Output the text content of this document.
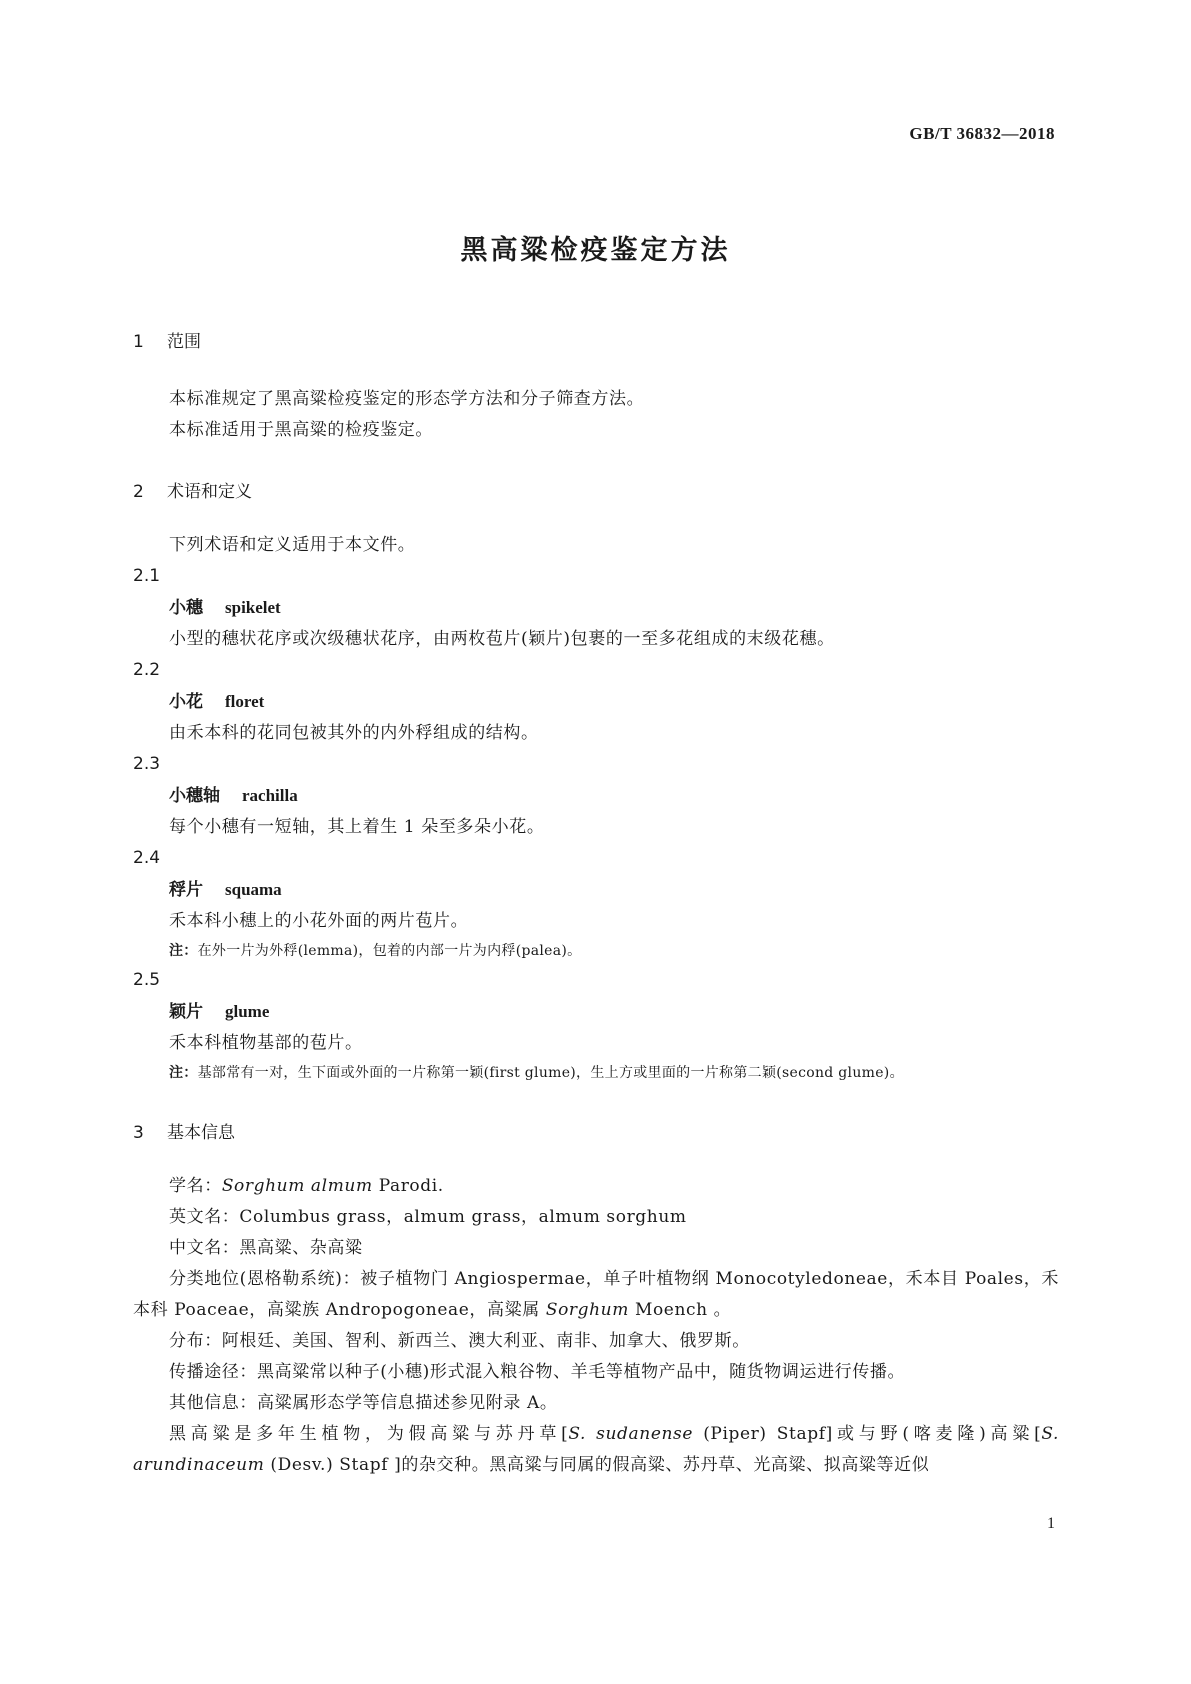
GB/T 36832—2018
黑高粱检疫鉴定方法

1 范围

本标准规定了黑高粱检疫鉴定的形态学方法和分子筛查方法。

本标准适用于黑高粱的检疫鉴定。

2 术语和定义

下列术语和定义适用于本文件。

2.1

小穗 spikelet

小型的穗状花序或次级穗状花序，由两枚苞片(颖片)包裹的一至多花组成的末级花穗。

2.2

小花 floret

由禾本科的花同包被其外的内外稃组成的结构。

2.3

小穗轴 rachilla

每个小穗有一短轴，其上着生 1 朵至多朵小花。

2.4

稃片 squama

禾本科小穗上的小花外面的两片苞片。

注：在外一片为外稃(lemma)，包着的内部一片为内稃(palea)。

2.5

颖片 glume

禾本科植物基部的苞片。

注：基部常有一对，生下面或外面的一片称第一颖(first glume)，生上方或里面的一片称第二颖(second glume)。

3 基本信息

学名：Sorghum almum Parodi.

英文名：Columbus grass，almum grass，almum sorghum

中文名：黑高粱、杂高粱

分类地位(恩格勒系统)：被子植物门 Angiospermae，单子叶植物纲 Monocotyledoneae，禾本目 Poales，禾本科 Poaceae，高粱族 Andropogoneae，高粱属 Sorghum Moench 。

分布：阿根廷、美国、智利、新西兰、澳大利亚、南非、加拿大、俄罗斯。

传播途径：黑高粱常以种子(小穗)形式混入粮谷物、羊毛等植物产品中，随货物调运进行传播。

其他信息：高粱属形态学等信息描述参见附录 A。

黑高粱是多年生植物，为假高粱与苏丹草[S. sudanense (Piper) Stapf]或与野(喀麦隆)高粱[S. arundinaceum (Desv.) Stapf ]的杂交种。黑高粱与同属的假高粱、苏丹草、光高粱、拟高粱等近似

1
